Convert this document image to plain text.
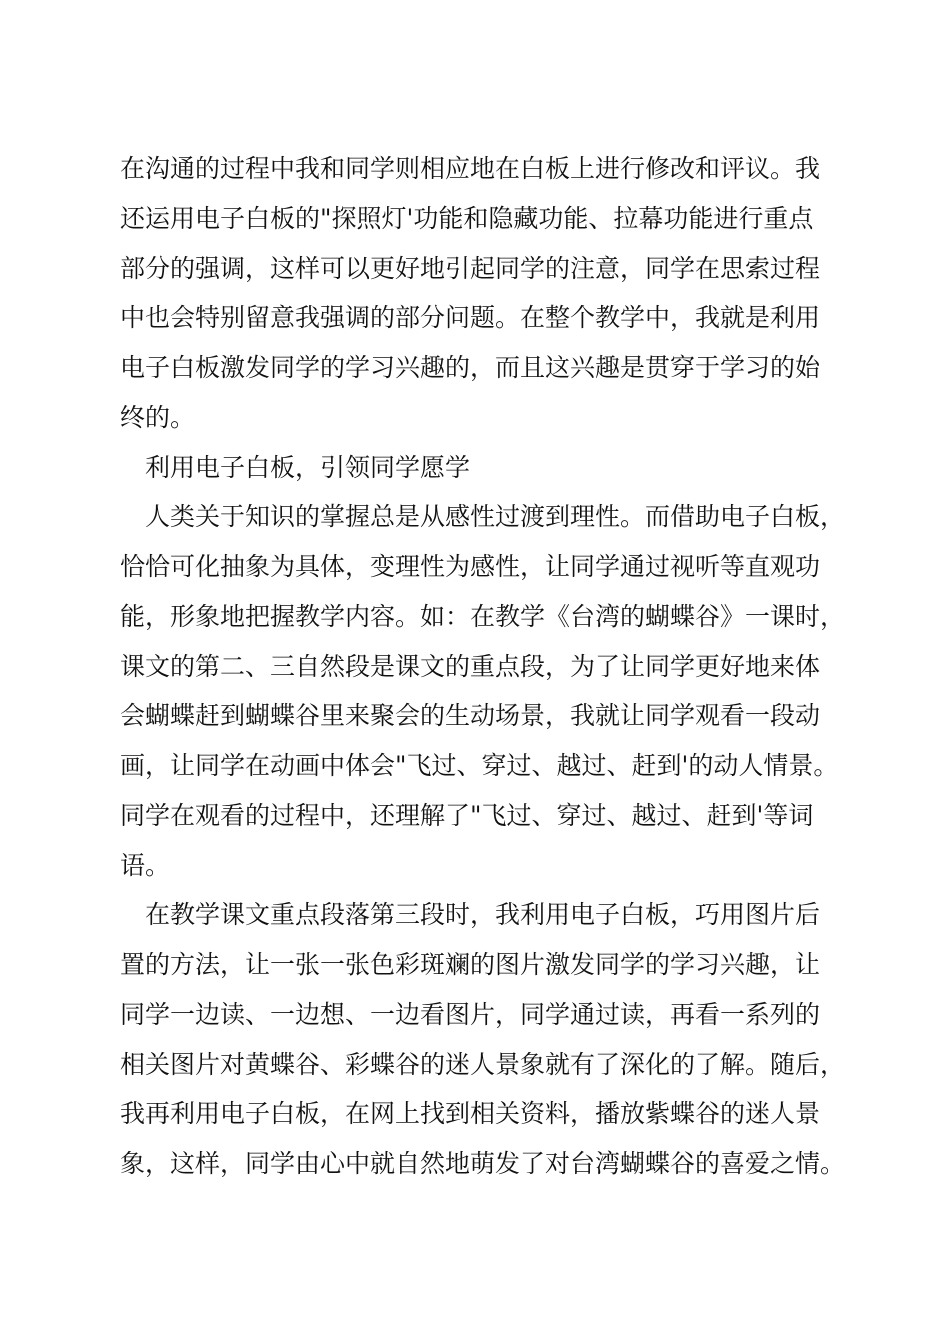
在沟通的过程中我和同学则相应地在白板上进行修改和评议。我
还运用电子白板的"探照灯'功能和隐藏功能、拉幕功能进行重点
部分的强调，这样可以更好地引起同学的注意，同学在思索过程
中也会特别留意我强调的部分问题。在整个教学中，我就是利用
电子白板激发同学的学习兴趣的，而且这兴趣是贯穿于学习的始
终的。
利用电子白板，引领同学愿学
人类关于知识的掌握总是从感性过渡到理性。而借助电子白板，
恰恰可化抽象为具体，变理性为感性，让同学通过视听等直观功
能，形象地把握教学内容。如：在教学《台湾的蝴蝶谷》一课时，
课文的第二、三自然段是课文的重点段，为了让同学更好地来体
会蝴蝶赶到蝴蝶谷里来聚会的生动场景，我就让同学观看一段动
画，让同学在动画中体会"飞过、穿过、越过、赶到'的动人情景。
同学在观看的过程中，还理解了"飞过、穿过、越过、赶到'等词
语。
在教学课文重点段落第三段时，我利用电子白板，巧用图片后
置的方法，让一张一张色彩斑斓的图片激发同学的学习兴趣，让
同学一边读、一边想、一边看图片，同学通过读，再看一系列的
相关图片对黄蝶谷、彩蝶谷的迷人景象就有了深化的了解。随后，
我再利用电子白板，在网上找到相关资料，播放紫蝶谷的迷人景
象，这样，同学由心中就自然地萌发了对台湾蝴蝶谷的喜爱之情。
